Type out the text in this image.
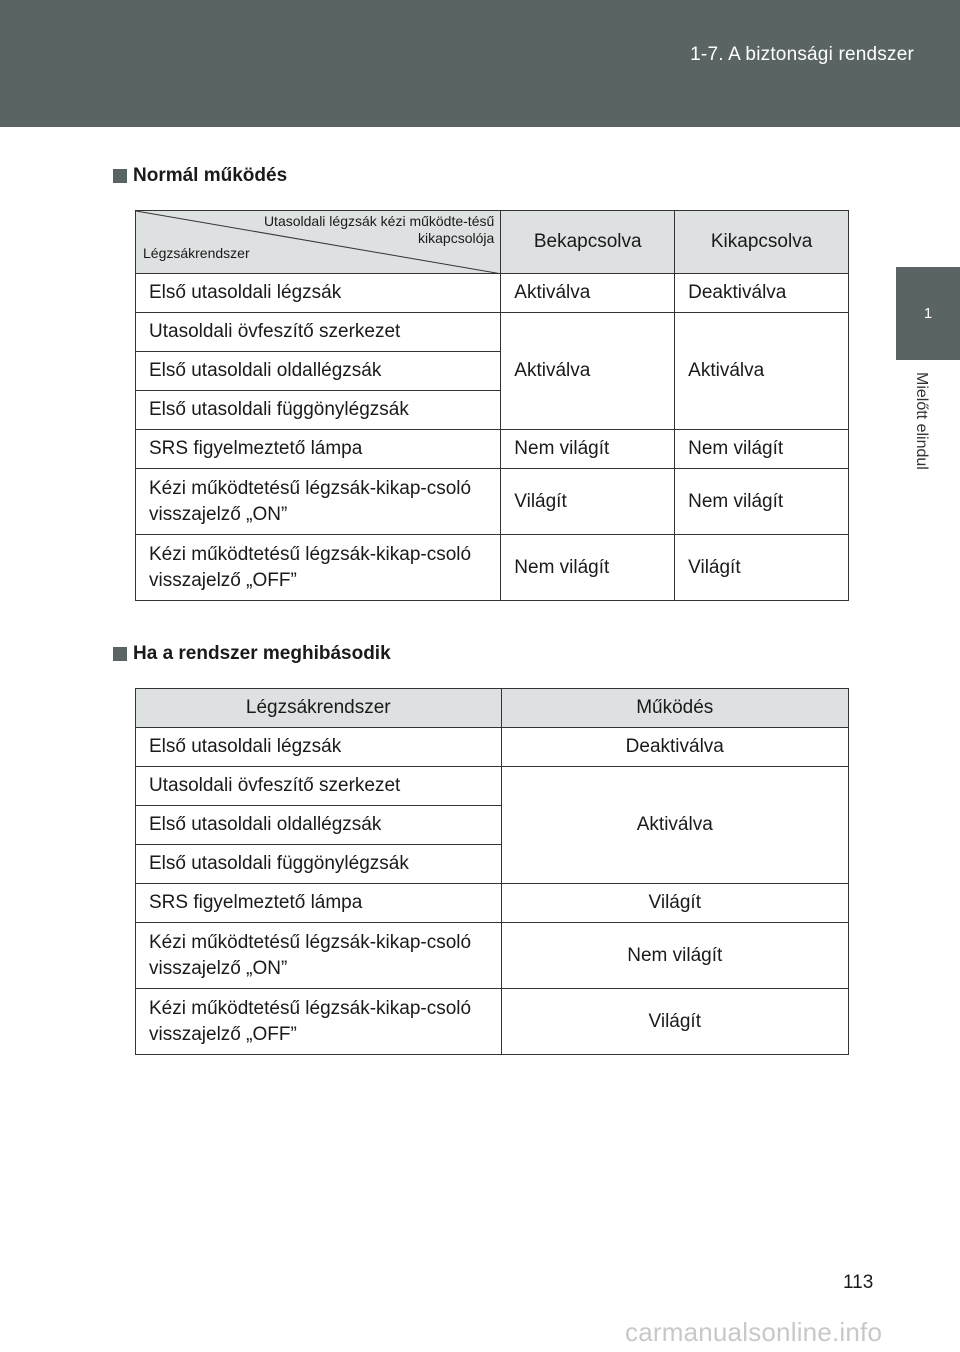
1-7. A biztonsági rendszer
1
Mielőtt elindul
Normál működés
Utasoldali légzsák kézi működte-tésű kikapcsolója
Légzsákrendszer	Bekapcsolva	Kikapcsolva
Első utasoldali légzsák	Aktiválva	Deaktiválva
Utasoldali övfeszítő szerkezet	Aktiválva	Aktiválva
Első utasoldali oldallégzsák		
Első utasoldali függönylégzsák		
SRS figyelmeztető lámpa	Nem világít	Nem világít
Kézi működtetésű légzsák-kikap-csoló visszajelző „ON”	Világít	Nem világít
Kézi működtetésű légzsák-kikap-csoló visszajelző „OFF”	Nem világít	Világít
Ha a rendszer meghibásodik
Légzsákrendszer	Működés
Első utasoldali légzsák	Deaktiválva
Utasoldali övfeszítő szerkezet	Aktiválva
Első utasoldali oldallégzsák	
Első utasoldali függönylégzsák	
SRS figyelmeztető lámpa	Világít
Kézi működtetésű légzsák-kikap-csoló visszajelző „ON”	Nem világít
Kézi működtetésű légzsák-kikap-csoló visszajelző „OFF”	Világít
113
carmanualsonline.info
